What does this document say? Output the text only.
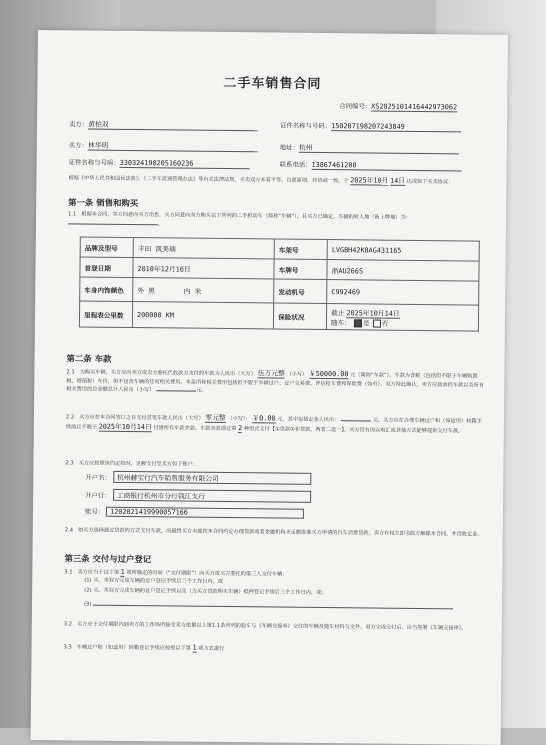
二手车销售合同
合同编号：XS2025101416442973062
卖方：黄柏双	证件名称与号码：150207198207243849
买方：林华明	地址：杭州
证件名称与号码：330324198205160236	联系电话：13867461200
根据《中华人民共和国民法典》、《二手车流通管理办法》等有关法律法规，买卖双方本着平等、自愿原则，经协商一致，于 2025年10月 14日 达成如下买卖协议：
第一条 销售和购买
1.1 根据本合同，卖方同意向买方出售，买方同意向卖方购买以下所列的二手机动车（简称“车辆”），且买方已确定，车辆的转入地（新上牌地）为： 。
品牌及型号	丰田 凯美瑞	车架号	LVGBH42K8AG431165
首登日期	2010年12月16日	车牌号	浙AU266S
车身内饰颜色	外 黑 内 米	发动机号	C992469
里程表公里数	200000 KM	保险状况	截止 2025年10月14日
随车： 是 否
第二条 车款
2.1 为购买车辆，买方应向卖方或卖方委托代收款方支付的车款为人民币（大写） 伍万元整 （小写） ￥50000.00 元（简称“车款”）。车款为含税（包括但不限于车辆购置税、增值税）车价，但不包含车辆的任何相关费用。本条所称相关费用包括但不限于车辆过户、过户交易费、评估检车费和保险费（如有）。双方特此确认，卖方应就承担车款以及所有相关费用的总金额总计人民币（小写）	元。
2.2 买方应在本合同签订之日支付首笔车款人民币（大写） 零元整 （小写）： ￥0.00 元，其中包括定金人民币：	元。买方应在办理车辆过户和（如适用）转籍手续前且不晚于 2025年10月14日 付清所有车款余款。车款余款通过第 2 种形式支付【①贷款②非贷款，两者二选一】。买方没有因以电汇或其他方式能够提供交付车款。
2.3 买方应按照该约定按时、足额支付至卖方如下账户：
开户名： 杭州赫宝行汽车销售服务有限公司
开户行： 工商银行杭州市分行钱江支行
账号： 1202021419990057166
2.4 如买方选择通过贷款的方式支付车款，而最终买方未能按本合同约定办理贷款或者金融机构未足额批准买方申请的汽车消费贷款，卖方有权立即书面方解除本合同，并没收定金。
第三条 交付与过户登记
3.1 卖方应当于以下第 1 项所确定的时间（“交付期限”）向买方或买方委托的第三人交付车辆：
(1) 买、卖双方完成车辆的过户登记手续后三个工作日内，或
(2) 买、卖双方完成车辆的过户登记手续以及（为买方贷款购买车辆）抵押登记手续后三个工作日内，或；
(3)
3.2 买方应于交付期限内到卖方的工作场所接受卖方依据以上第1.1条所列的验车与《车辆交接单》交付的车辆及随车材料与文件。双方完成交付后，应当签署《车辆交接单》。
3.3 车辆过户和（如适用）转籍登记手续应按照以下第 1 项方式进行
